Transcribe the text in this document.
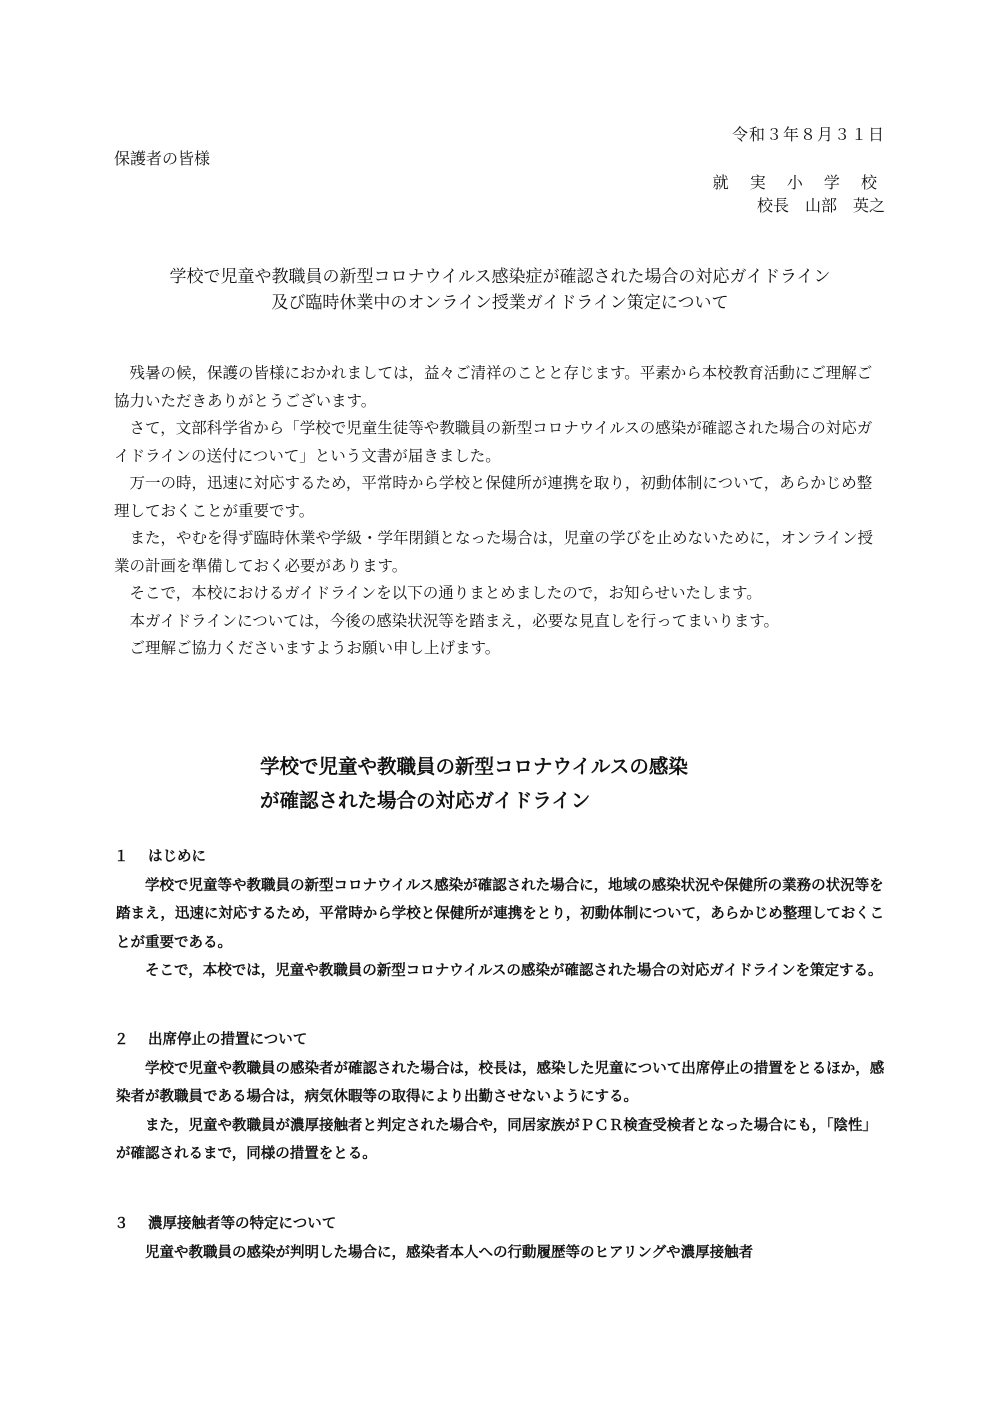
令和３年８月３１日
保護者の皆様
就 実 小 学 校
校長　山部　英之
学校で児童や教職員の新型コロナウイルス感染症が確認された場合の対応ガイドライン
及び臨時休業中のオンライン授業ガイドライン策定について

残暑の候，保護の皆様におかれましては，益々ご清祥のことと存じます。平素から本校教育活動にご理解ご協力いただきありがとうございます。

さて，文部科学省から「学校で児童生徒等や教職員の新型コロナウイルスの感染が確認された場合の対応ガイドラインの送付について」という文書が届きました。

万一の時，迅速に対応するため，平常時から学校と保健所が連携を取り，初動体制について，あらかじめ整理しておくことが重要です。

また，やむを得ず臨時休業や学級・学年閉鎖となった場合は，児童の学びを止めないために，オンライン授業の計画を準備しておく必要があります。

そこで，本校におけるガイドラインを以下の通りまとめましたので，お知らせいたします。

本ガイドラインについては，今後の感染状況等を踏まえ，必要な見直しを行ってまいります。

ご理解ご協力くださいますようお願い申し上げます。

学校で児童や教職員の新型コロナウイルスの感染
が確認された場合の対応ガイドライン
１ はじめに

学校で児童等や教職員の新型コロナウイルス感染が確認された場合に，地域の感染状況や保健所の業務の状況等を踏まえ，迅速に対応するため，平常時から学校と保健所が連携をとり，初動体制について，あらかじめ整理しておくことが重要である。

そこで，本校では，児童や教職員の新型コロナウイルスの感染が確認された場合の対応ガイドラインを策定する。

２ 出席停止の措置について

学校で児童や教職員の感染者が確認された場合は，校長は，感染した児童について出席停止の措置をとるほか，感染者が教職員である場合は，病気休暇等の取得により出勤させないようにする。

また，児童や教職員が濃厚接触者と判定された場合や，同居家族がＰＣＲ検査受検者となった場合にも，「陰性」が確認されるまで，同様の措置をとる。

３ 濃厚接触者等の特定について

児童や教職員の感染が判明した場合に，感染者本人への行動履歴等のヒアリングや濃厚接触者
